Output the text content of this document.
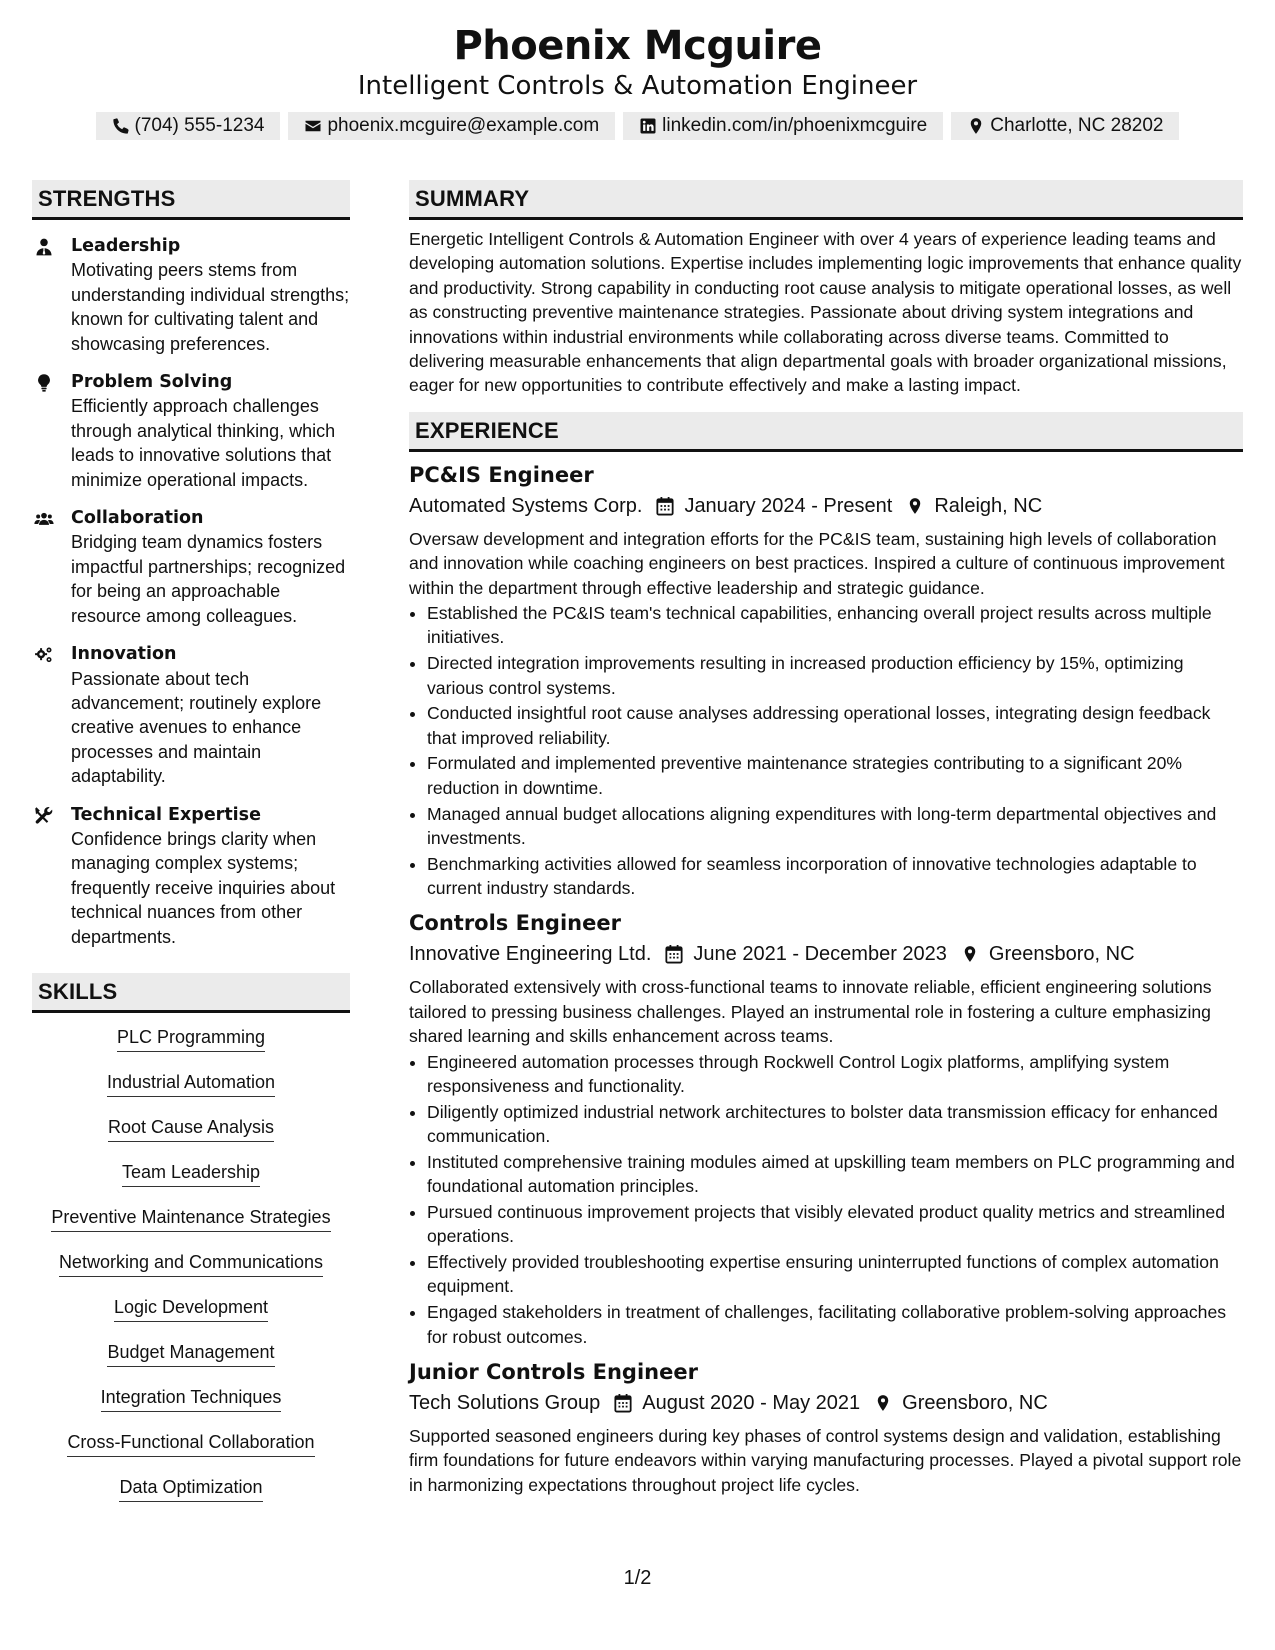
Phoenix Mcguire
Intelligent Controls & Automation Engineer
(704) 555-1234	phoenix.mcguire@example.com	linkedin.com/in/phoenixmcguire	Charlotte, NC 28202
STRENGTHS
Leadership
Motivating peers stems from understanding individual strengths; known for cultivating talent and showcasing preferences.
Problem Solving
Efficiently approach challenges through analytical thinking, which leads to innovative solutions that minimize operational impacts.
Collaboration
Bridging team dynamics fosters impactful partnerships; recognized for being an approachable resource among colleagues.
Innovation
Passionate about tech advancement; routinely explore creative avenues to enhance processes and maintain adaptability.
Technical Expertise
Confidence brings clarity when managing complex systems; frequently receive inquiries about technical nuances from other departments.
SKILLS
PLC Programming
Industrial Automation
Root Cause Analysis
Team Leadership
Preventive Maintenance Strategies
Networking and Communications
Logic Development
Budget Management
Integration Techniques
Cross-Functional Collaboration
Data Optimization
SUMMARY
Energetic Intelligent Controls & Automation Engineer with over 4 years of experience leading teams and developing automation solutions. Expertise includes implementing logic improvements that enhance quality and productivity. Strong capability in conducting root cause analysis to mitigate operational losses, as well as constructing preventive maintenance strategies. Passionate about driving system integrations and innovations within industrial environments while collaborating across diverse teams. Committed to delivering measurable enhancements that align departmental goals with broader organizational missions, eager for new opportunities to contribute effectively and make a lasting impact.
EXPERIENCE
PC&IS Engineer
Automated Systems Corp. January 2024 - Present Raleigh, NC
Oversaw development and integration efforts for the PC&IS team, sustaining high levels of collaboration and innovation while coaching engineers on best practices. Inspired a culture of continuous improvement within the department through effective leadership and strategic guidance.
• Established the PC&IS team's technical capabilities, enhancing overall project results across multiple initiatives.
• Directed integration improvements resulting in increased production efficiency by 15%, optimizing various control systems.
• Conducted insightful root cause analyses addressing operational losses, integrating design feedback that improved reliability.
• Formulated and implemented preventive maintenance strategies contributing to a significant 20% reduction in downtime.
• Managed annual budget allocations aligning expenditures with long-term departmental objectives and investments.
• Benchmarking activities allowed for seamless incorporation of innovative technologies adaptable to current industry standards.
Controls Engineer
Innovative Engineering Ltd. June 2021 - December 2023 Greensboro, NC
Collaborated extensively with cross-functional teams to innovate reliable, efficient engineering solutions tailored to pressing business challenges. Played an instrumental role in fostering a culture emphasizing shared learning and skills enhancement across teams.
• Engineered automation processes through Rockwell Control Logix platforms, amplifying system responsiveness and functionality.
• Diligently optimized industrial network architectures to bolster data transmission efficacy for enhanced communication.
• Instituted comprehensive training modules aimed at upskilling team members on PLC programming and foundational automation principles.
• Pursued continuous improvement projects that visibly elevated product quality metrics and streamlined operations.
• Effectively provided troubleshooting expertise ensuring uninterrupted functions of complex automation equipment.
• Engaged stakeholders in treatment of challenges, facilitating collaborative problem-solving approaches for robust outcomes.
Junior Controls Engineer
Tech Solutions Group August 2020 - May 2021 Greensboro, NC
Supported seasoned engineers during key phases of control systems design and validation, establishing firm foundations for future endeavors within varying manufacturing processes. Played a pivotal support role in harmonizing expectations throughout project life cycles.
1/2
